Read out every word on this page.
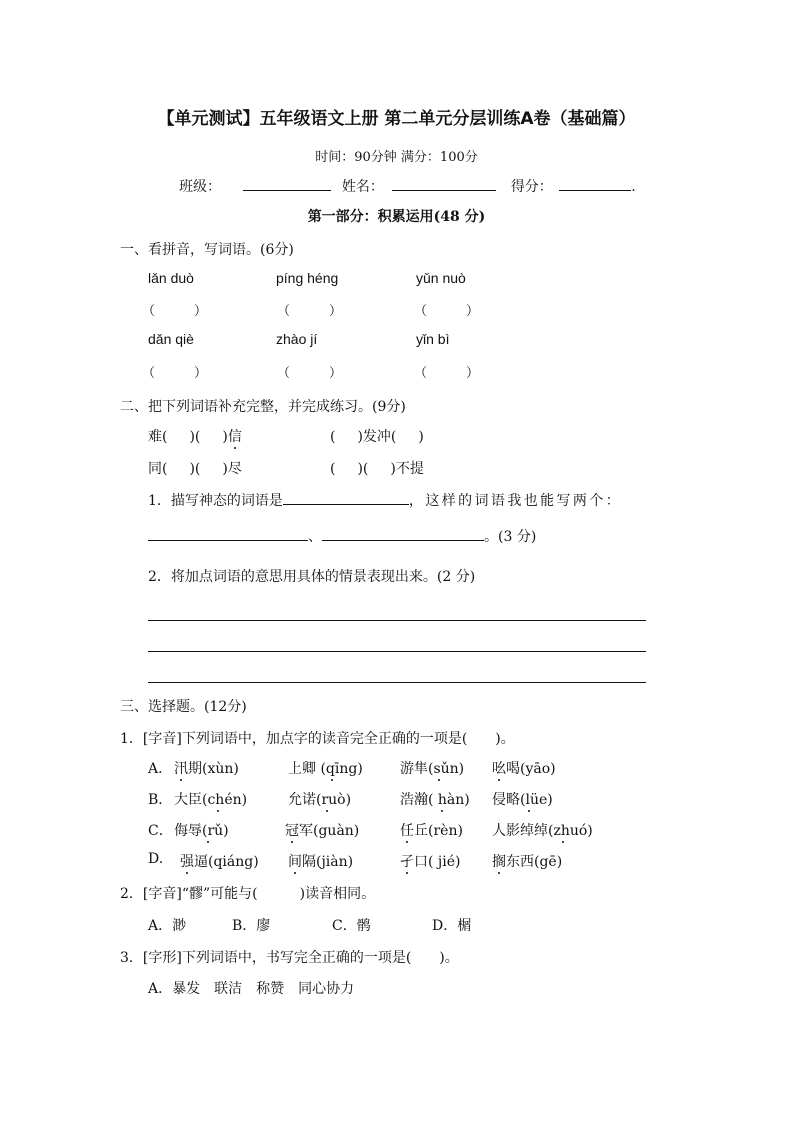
【单元测试】五年级语文上册 第二单元分层训练A卷（基础篇）
时间：90分钟 满分：100分
班级：	姓名：	得分：	.
第一部分：积累运用(48 分)
一、看拼音，写词语。(6分)
lǎn duò	píng héng	yǔn nuò
（　　　）	（　　　）	（　　　）
dǎn qiè	zhào jí	yǐn bì
（　　　）	（　　　）	（　　　）
二、把下列词语补充完整，并完成练习。(9分)
难( )( )信	( )发冲( )
同( )( )尽	( )( )不提
1．描写神态的词语是	，这样的词语我也能写两个：
、	。(3 分)
2．将加点词语的意思用具体的情景表现出来。(2 分)
三、选择题。(12分)
1．[字音]下列词语中，加点字的读音完全正确的一项是(　　)。
A． 汛期(xùn)	上卿 (qīng)	游隼(sǔn) 吆喝(yāo)
B． 大臣(chén)	允诺(ruò)	浩瀚( hàn) 侵略(lüe)
C． 侮辱(rǔ)	冠军(guàn)	任丘(rèn) 人影绰绰(zhuó)
D. 强逼(qiáng) 间隔(jiàn)	孑口( jié) 搁东西(gē)
2．[字音]“髎”可能与(　　　)读音相同。
A．渺	B．廖	C．鹘	D．榍
3．[字形]下列词语中，书写完全正确的一项是(　　)。
A．暴发　联洁　称赞　同心协力
